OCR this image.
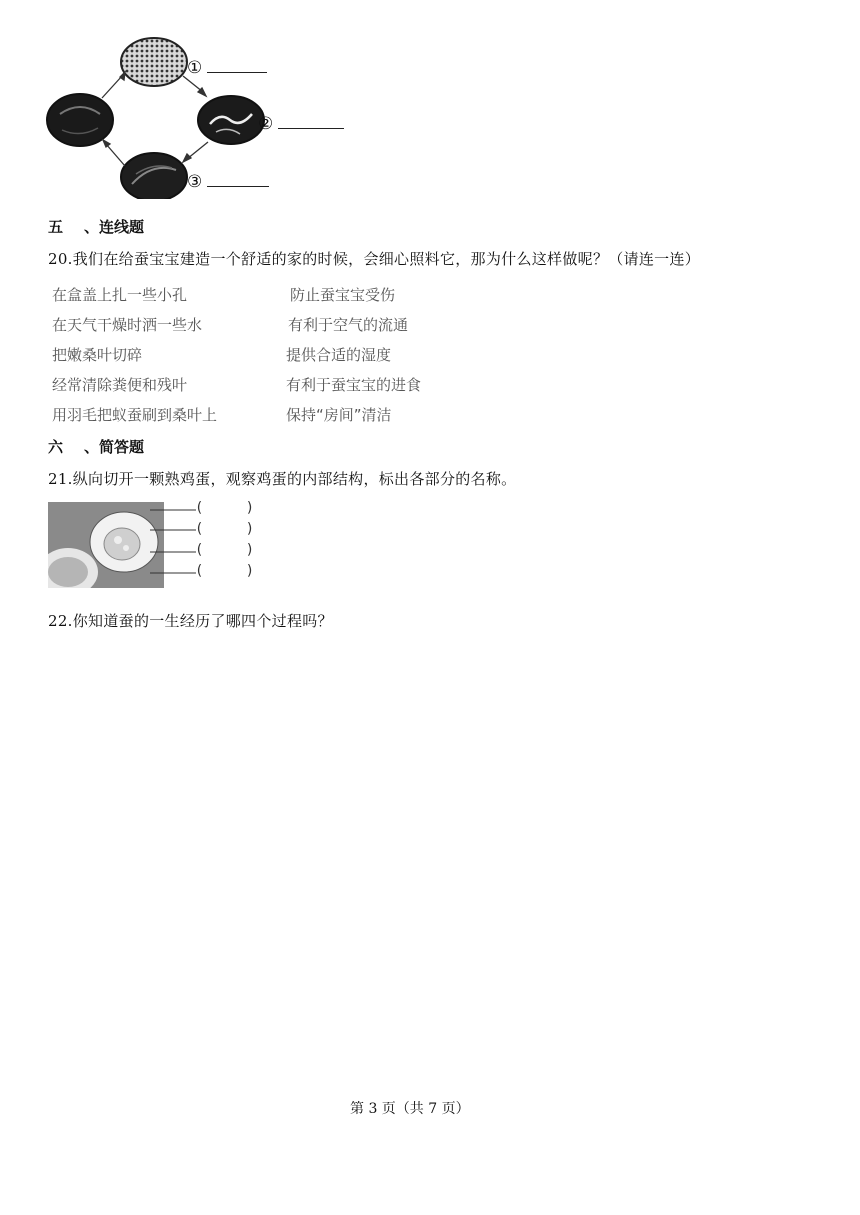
①
②
③
五 、连线题
20.我们在给蚕宝宝建造一个舒适的家的时候，会细心照料它，那为什么这样做呢？（请连一连）
在盒盖上扎一些小孔
在天气干燥时洒一些水
把嫩桑叶切碎
经常清除粪便和残叶
用羽毛把蚁蚕刷到桑叶上
防止蚕宝宝受伤
有利于空气的流通
提供合适的湿度
有利于蚕宝宝的进食
保持“房间”清洁
六 、简答题
21.纵向切开一颗熟鸡蛋，观察鸡蛋的内部结构，标出各部分的名称。
(     )
(     )
(     )
(     )
22.你知道蚕的一生经历了哪四个过程吗？
第 3 页（共 7 页）
